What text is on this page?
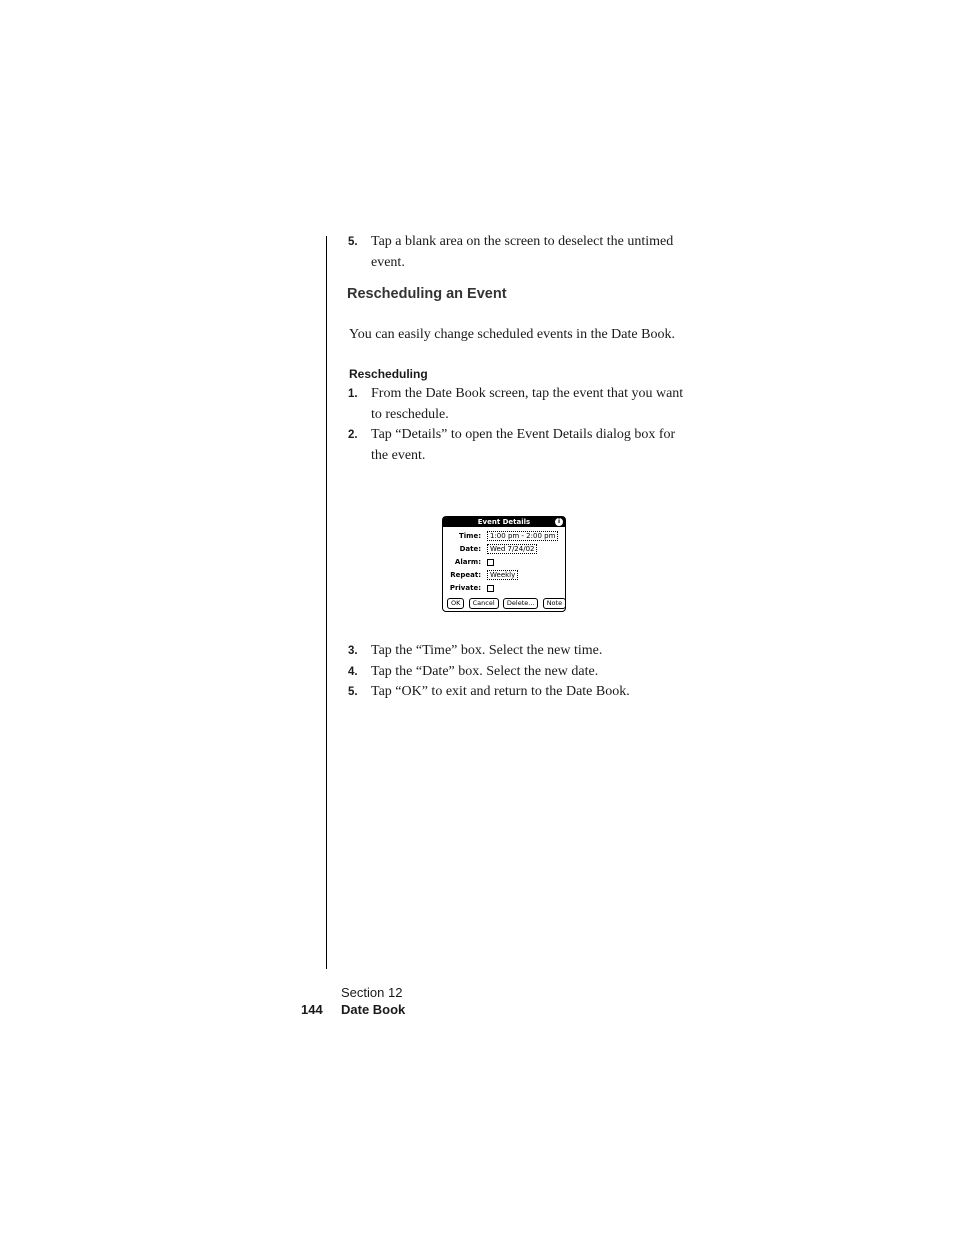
5. Tap a blank area on the screen to deselect the untimed event.
Rescheduling an Event
You can easily change scheduled events in the Date Book.
Rescheduling
1. From the Date Book screen, tap the event that you want to reschedule.
2. Tap “Details” to open the Event Details dialog box for the event.
Event Details	i
Time:	1:00 pm - 2:00 pm
Date:	Wed 7/24/02
Alarm:
Repeat:	Weekly
Private:
OK Cancel Delete... Note
3. Tap the “Time” box. Select the new time.
4. Tap the “Date” box. Select the new date.
5. Tap “OK” to exit and return to the Date Book.
Section 12
144 Date Book
